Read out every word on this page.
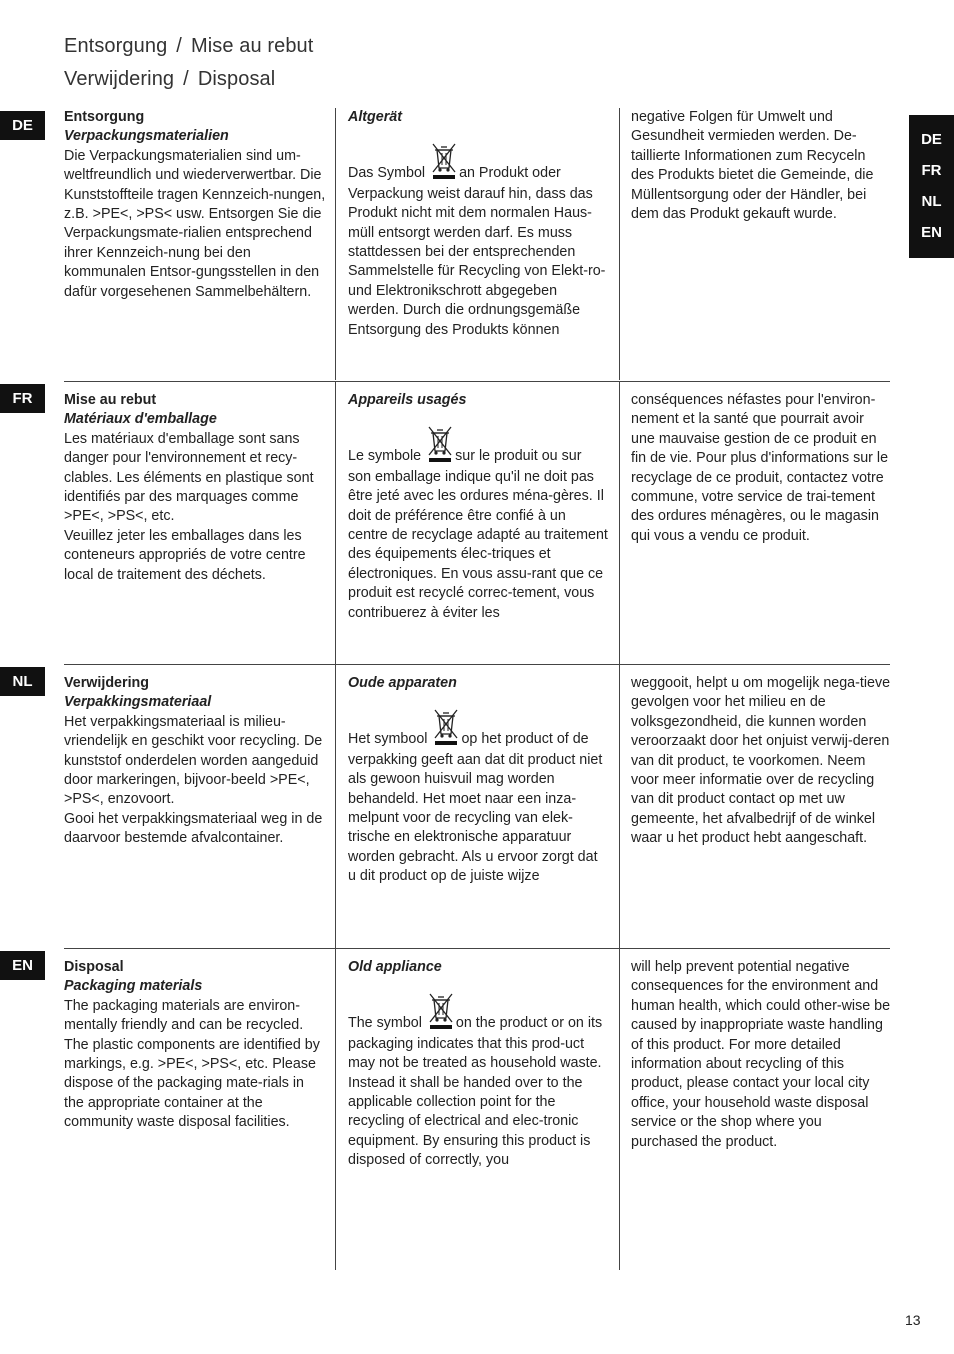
Entsorgung / Mise au rebut
Verwijdering / Disposal
DE
FR
NL
EN
DE	Entsorgung
Verpackungsmaterialien
Die Verpackungsmaterialien sind um-weltfreundlich und wiederverwertbar. Die Kunststoffteile tragen Kennzeich-nungen, z.B. >PE<, >PS< usw. Entsorgen Sie die Verpackungsmate-rialien entsprechend ihrer Kennzeich-nung bei den kommunalen Entsor-gungsstellen in den dafür vorgesehenen Sammelbehältern.
Altgerät
Das Symbol an Produkt oder Verpackung weist darauf hin, dass das Produkt nicht mit dem normalen Haus-müll entsorgt werden darf. Es muss stattdessen bei der entsprechenden Sammelstelle für Recycling von Elekt-ro- und Elektronikschrott abgegeben werden. Durch die ordnungsgemäße Entsorgung des Produkts können
negative Folgen für Umwelt und Gesundheit vermieden werden. De-taillierte Informationen zum Recyceln des Produkts bietet die Gemeinde, die Müllentsorgung oder der Händler, bei dem das Produkt gekauft wurde.
FR	Mise au rebut
Matériaux d'emballage
Les matériaux d'emballage sont sans danger pour l'environnement et recy-clables. Les éléments en plastique sont identifiés par des marquages comme >PE<, >PS<, etc.
Veuillez jeter les emballages dans les conteneurs appropriés de votre centre local de traitement des déchets.
Appareils usagés
Le symbole sur le produit ou sur son emballage indique qu'il ne doit pas être jeté avec les ordures ména-gères. Il doit de préférence être confié à un centre de recyclage adapté au traitement des équipements élec-triques et électroniques. En vous assu-rant que ce produit est recyclé correc-tement, vous contribuerez à éviter les
conséquences néfastes pour l'environ-nement et la santé que pourrait avoir une mauvaise gestion de ce produit en fin de vie. Pour plus d'informations sur le recyclage de ce produit, contactez votre commune, votre service de trai-tement des ordures ménagères, ou le magasin qui vous a vendu ce produit.
NL	Verwijdering
Verpakkingsmateriaal
Het verpakkingsmateriaal is milieu-vriendelijk en geschikt voor recycling. De kunststof onderdelen worden aangeduid door markeringen, bijvoor-beeld >PE<, >PS<, enzovoort.
Gooi het verpakkingsmateriaal weg in de daarvoor bestemde afvalcontainer.
Oude apparaten
Het symbool op het product of de verpakking geeft aan dat dit product niet als gewoon huisvuil mag worden behandeld. Het moet naar een inza-melpunt voor de recycling van elek-trische en elektronische apparatuur worden gebracht. Als u ervoor zorgt dat u dit product op de juiste wijze
weggooit, helpt u om mogelijk nega-tieve gevolgen voor het milieu en de volksgezondheid, die kunnen worden veroorzaakt door het onjuist verwij-deren van dit product, te voorkomen. Neem voor meer informatie over de recycling van dit product contact op met uw gemeente, het afvalbedrijf of de winkel waar u het product hebt aangeschaft.
EN	Disposal
Packaging materials
The packaging materials are environ-mentally friendly and can be recycled. The plastic components are identified by markings, e.g. >PE<, >PS<, etc. Please dispose of the packaging mate-rials in the appropriate container at the community waste disposal facilities.
Old appliance
The symbol on the product or on its packaging indicates that this prod-uct may not be treated as household waste. Instead it shall be handed over to the applicable collection point for the recycling of electrical and elec-tronic equipment. By ensuring this product is disposed of correctly, you
will help prevent potential negative consequences for the environment and human health, which could other-wise be caused by inappropriate waste handling of this product. For more detailed information about recycling of this product, please contact your local city office, your household waste disposal service or the shop where you purchased the product.
13
